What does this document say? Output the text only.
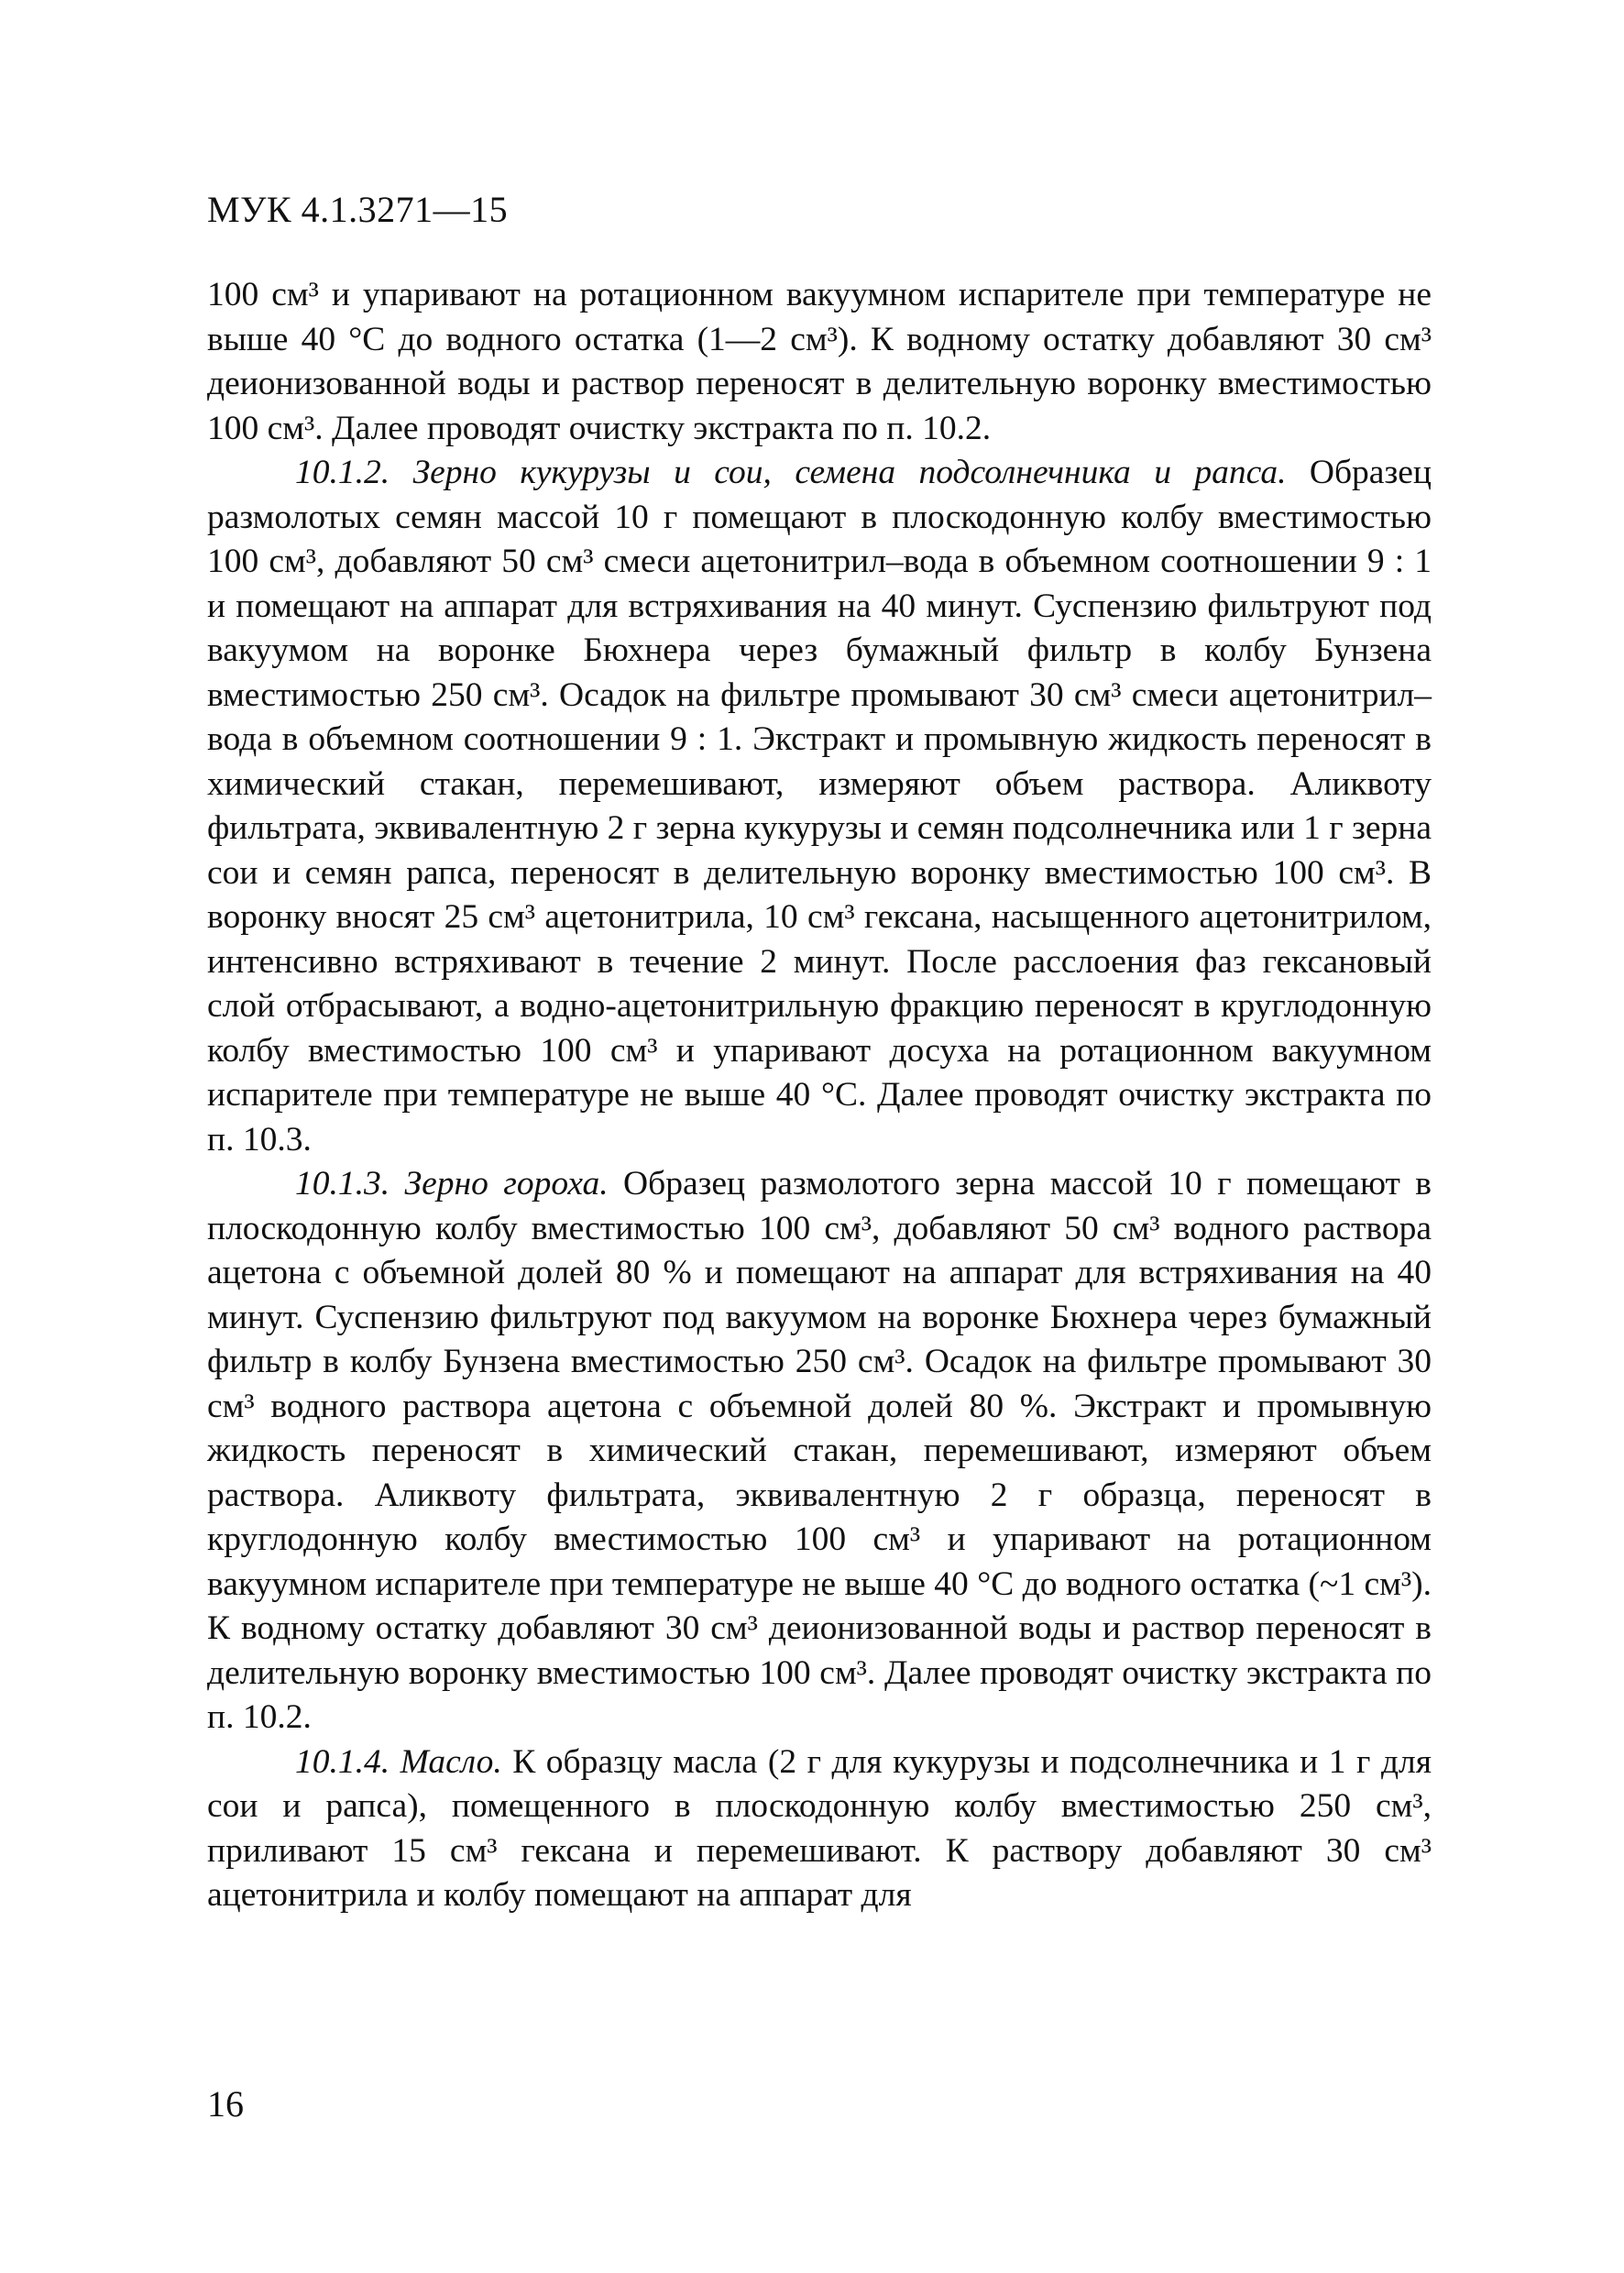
МУК 4.1.3271—15

100 см³ и упаривают на ротационном вакуумном испарителе при температуре не выше 40 °С до водного остатка (1—2 см³). К водному остатку добавляют 30 см³ деионизованной воды и раствор переносят в делительную воронку вместимостью 100 см³. Далее проводят очистку экстракта по п. 10.2.

10.1.2. Зерно кукурузы и сои, семена подсолнечника и рапса. Образец размолотых семян массой 10 г помещают в плоскодонную колбу вместимостью 100 см³, добавляют 50 см³ смеси ацетонитрил–вода в объемном соотношении 9 : 1 и помещают на аппарат для встряхивания на 40 минут. Суспензию фильтруют под вакуумом на воронке Бюхнера через бумажный фильтр в колбу Бунзена вместимостью 250 см³. Осадок на фильтре промывают 30 см³ смеси ацетонитрил–вода в объемном соотношении 9 : 1. Экстракт и промывную жидкость переносят в химический стакан, перемешивают, измеряют объем раствора. Аликвоту фильтрата, эквивалентную 2 г зерна кукурузы и семян подсолнечника или 1 г зерна сои и семян рапса, переносят в делительную воронку вместимостью 100 см³. В воронку вносят 25 см³ ацетонитрила, 10 см³ гексана, насыщенного ацетонитрилом, интенсивно встряхивают в течение 2 минут. После расслоения фаз гексановый слой отбрасывают, а водно-ацетонитрильную фракцию переносят в круглодонную колбу вместимостью 100 см³ и упаривают досуха на ротационном вакуумном испарителе при температуре не выше 40 °С. Далее проводят очистку экстракта по п. 10.3.

10.1.3. Зерно гороха. Образец размолотого зерна массой 10 г помещают в плоскодонную колбу вместимостью 100 см³, добавляют 50 см³ водного раствора ацетона с объемной долей 80 % и помещают на аппарат для встряхивания на 40 минут. Суспензию фильтруют под вакуумом на воронке Бюхнера через бумажный фильтр в колбу Бунзена вместимостью 250 см³. Осадок на фильтре промывают 30 см³ водного раствора ацетона с объемной долей 80 %. Экстракт и промывную жидкость переносят в химический стакан, перемешивают, измеряют объем раствора. Аликвоту фильтрата, эквивалентную 2 г образца, переносят в круглодонную колбу вместимостью 100 см³ и упаривают на ротационном вакуумном испарителе при температуре не выше 40 °С до водного остатка (~1 см³). К водному остатку добавляют 30 см³ деионизованной воды и раствор переносят в делительную воронку вместимостью 100 см³. Далее проводят очистку экстракта по п. 10.2.

10.1.4. Масло. К образцу масла (2 г для кукурузы и подсолнечника и 1 г для сои и рапса), помещенного в плоскодонную колбу вместимостью 250 см³, приливают 15 см³ гексана и перемешивают. К раствору добавляют 30 см³ ацетонитрила и колбу помещают на аппарат для

16
